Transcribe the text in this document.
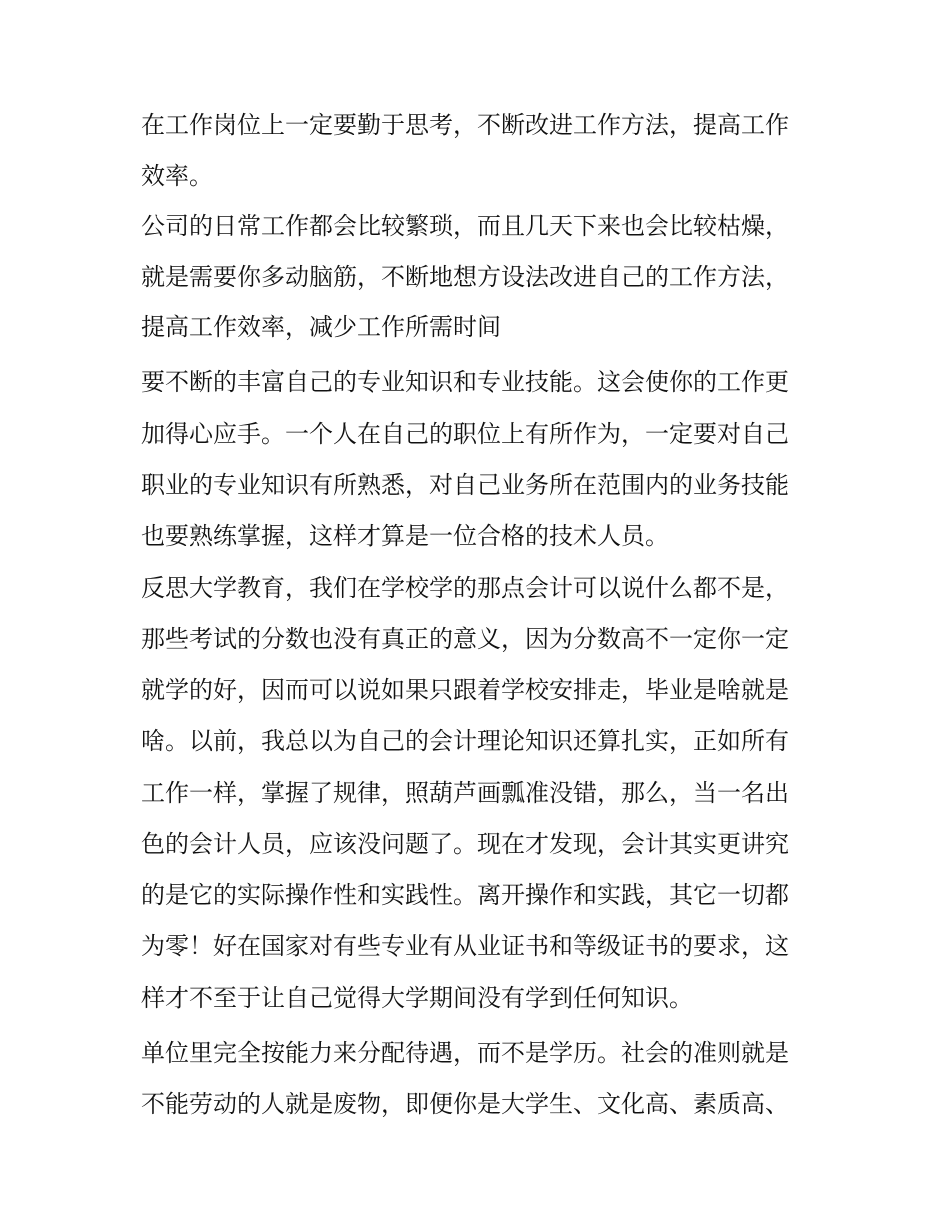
在工作岗位上一定要勤于思考，不断改进工作方法，提高工作
效率。
公司的日常工作都会比较繁琐，而且几天下来也会比较枯燥，
就是需要你多动脑筋，不断地想方设法改进自己的工作方法，
提高工作效率，减少工作所需时间
要不断的丰富自己的专业知识和专业技能。这会使你的工作更
加得心应手。一个人在自己的职位上有所作为，一定要对自己
职业的专业知识有所熟悉，对自己业务所在范围内的业务技能
也要熟练掌握，这样才算是一位合格的技术人员。
反思大学教育，我们在学校学的那点会计可以说什么都不是，
那些考试的分数也没有真正的意义，因为分数高不一定你一定
就学的好，因而可以说如果只跟着学校安排走，毕业是啥就是
啥。以前，我总以为自己的会计理论知识还算扎实，正如所有
工作一样，掌握了规律，照葫芦画瓢准没错，那么，当一名出
色的会计人员，应该没问题了。现在才发现，会计其实更讲究
的是它的实际操作性和实践性。离开操作和实践，其它一切都
为零！好在国家对有些专业有从业证书和等级证书的要求，这
样才不至于让自己觉得大学期间没有学到任何知识。
单位里完全按能力来分配待遇，而不是学历。社会的准则就是
不能劳动的人就是废物，即便你是大学生、文化高、素质高、
